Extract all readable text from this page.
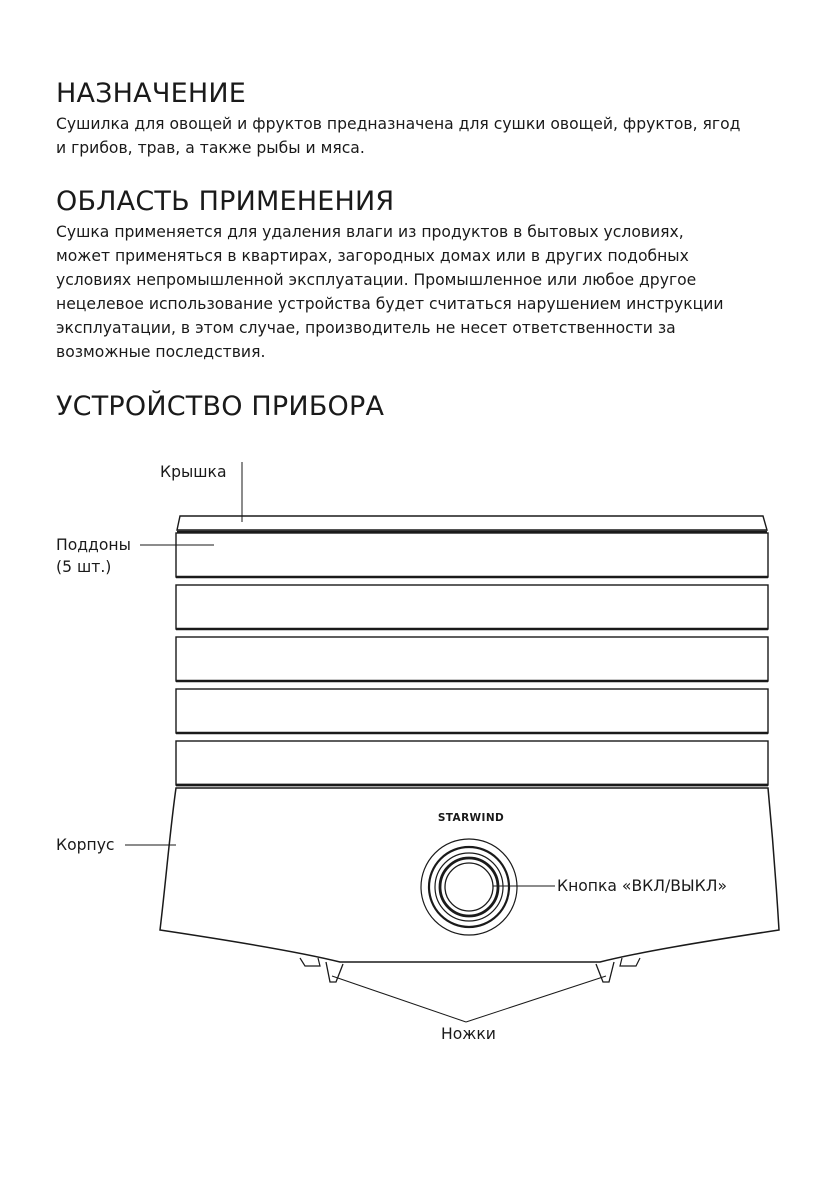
НАЗНАЧЕНИЕ
Сушилка для овощей и фруктов предназначена для сушки овощей, фруктов, ягод
и грибов, трав, а также рыбы и мяса.
ОБЛАСТЬ ПРИМЕНЕНИЯ
Сушка применяется для удаления влаги из продуктов в бытовых условиях,
может применяться в квартирах, загородных домах или в других подобных
условиях непромышленной эксплуатации. Промышленное или любое другое
нецелевое использование устройства будет считаться нарушением инструкции
эксплуатации, в этом случае, производитель не несет ответственности за
возможные последствия.
УСТРОЙСТВО ПРИБОРА
STARWIND
Крышка
Поддоны
(5 шт.)
Корпус
Кнопка «ВКЛ/ВЫКЛ»
Ножки
